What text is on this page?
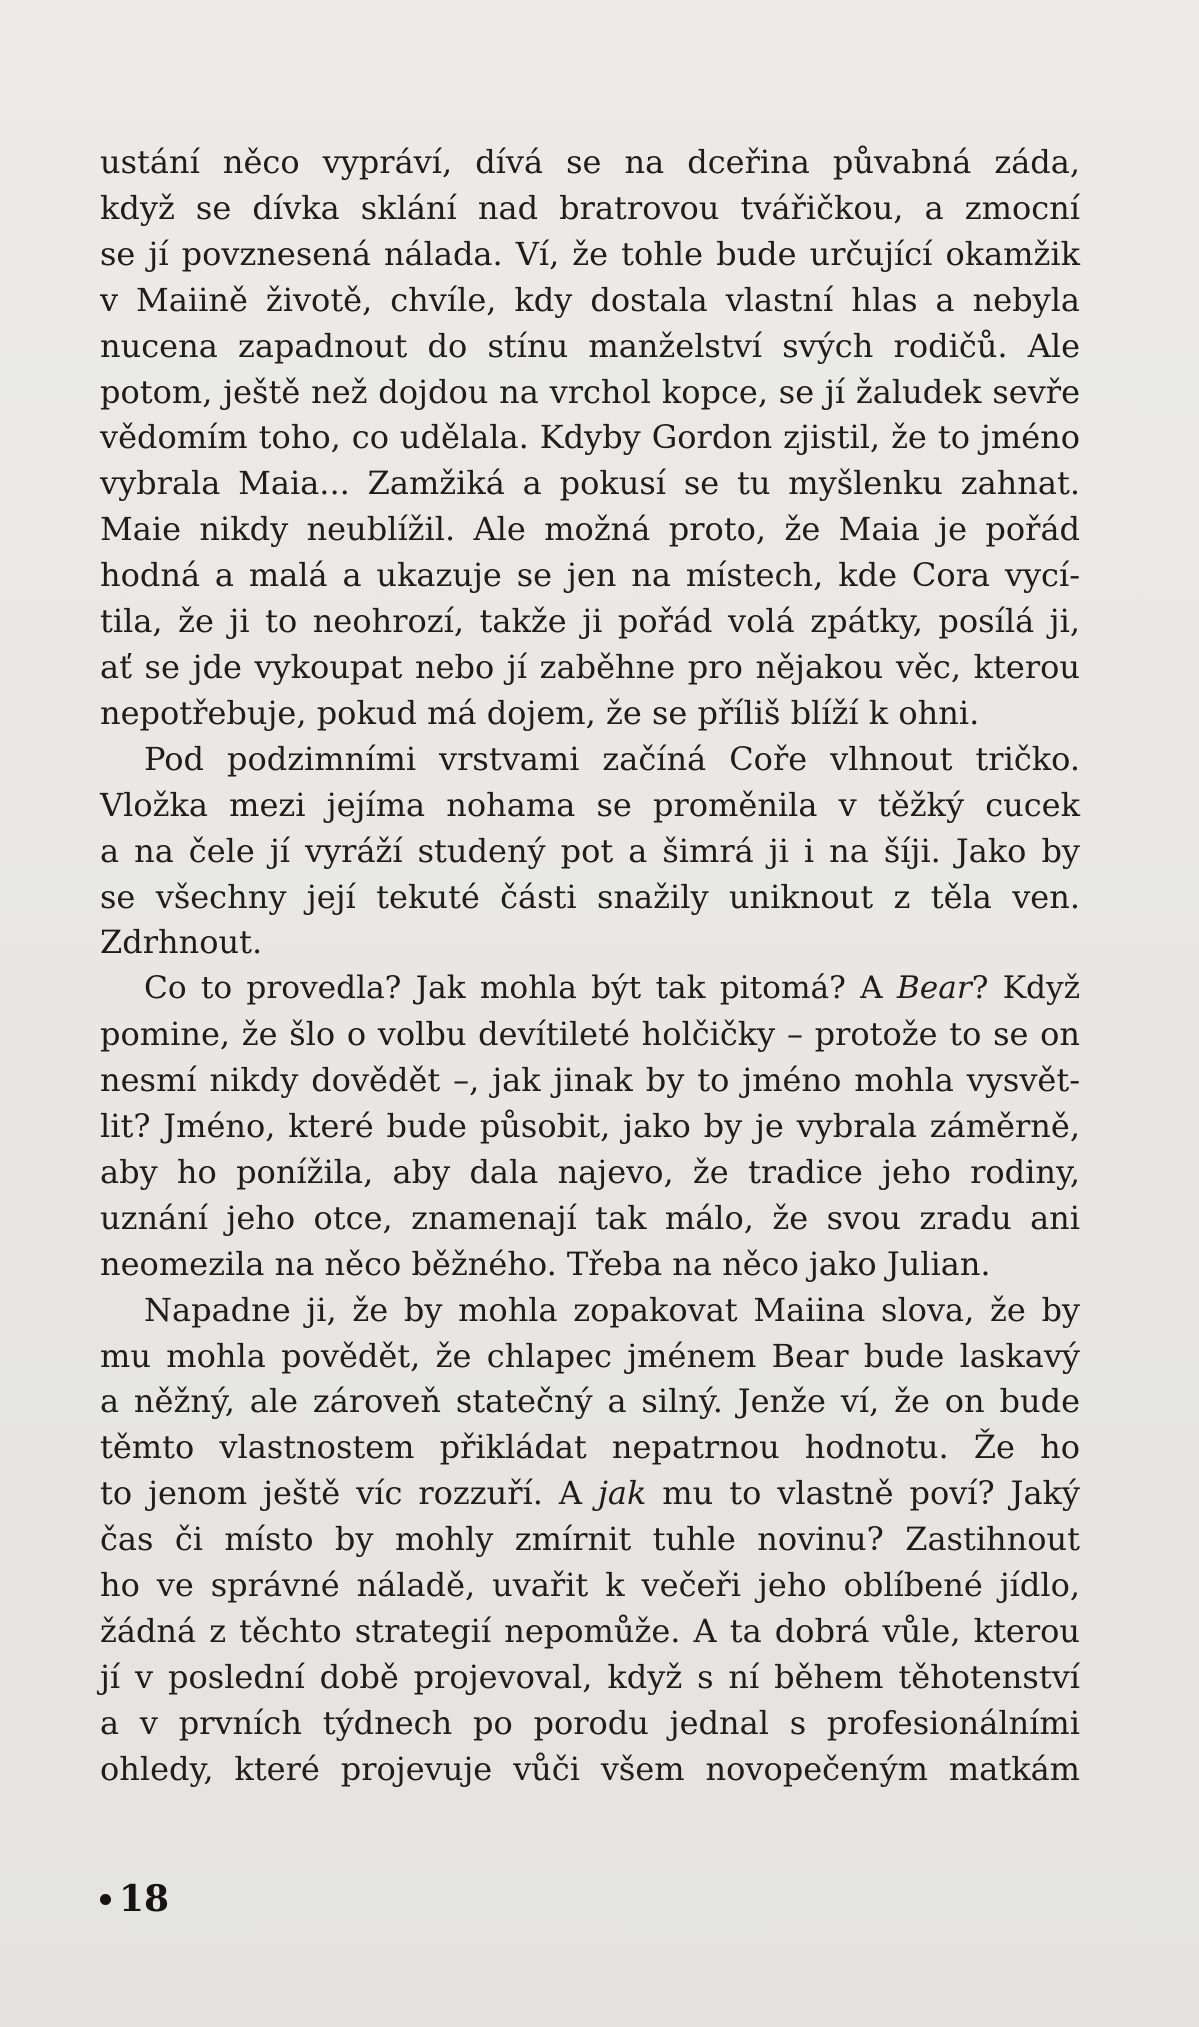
ustání něco vypráví, dívá se na dceřina půvabná záda,
když se dívka sklání nad bratrovou tvářičkou, a zmocní
se jí povznesená nálada. Ví, že tohle bude určující okamžik
v Maiině životě, chvíle, kdy dostala vlastní hlas a nebyla
nucena zapadnout do stínu manželství svých rodičů. Ale
potom, ještě než dojdou na vrchol kopce, se jí žaludek sevře
vědomím toho, co udělala. Kdyby Gordon zjistil, že to jméno
vybrala Maia... Zamžiká a pokusí se tu myšlenku zahnat.
Maie nikdy neublížil. Ale možná proto, že Maia je pořád
hodná a malá a ukazuje se jen na místech, kde Cora vycí-
tila, že ji to neohrozí, takže ji pořád volá zpátky, posílá ji,
ať se jde vykoupat nebo jí zaběhne pro nějakou věc, kterou
nepotřebuje, pokud má dojem, že se příliš blíží k ohni.
Pod podzimními vrstvami začíná Coře vlhnout tričko.
Vložka mezi jejíma nohama se proměnila v těžký cucek
a na čele jí vyráží studený pot a šimrá ji i na šíji. Jako by
se všechny její tekuté části snažily uniknout z těla ven.
Zdrhnout.
Co to provedla? Jak mohla být tak pitomá? A Bear? Když
pomine, že šlo o volbu devítileté holčičky – protože to se on
nesmí nikdy dovědět –, jak jinak by to jméno mohla vysvět-
lit? Jméno, které bude působit, jako by je vybrala záměrně,
aby ho ponížila, aby dala najevo, že tradice jeho rodiny,
uznání jeho otce, znamenají tak málo, že svou zradu ani
neomezila na něco běžného. Třeba na něco jako Julian.
Napadne ji, že by mohla zopakovat Maiina slova, že by
mu mohla povědět, že chlapec jménem Bear bude laskavý
a něžný, ale zároveň statečný a silný. Jenže ví, že on bude
těmto vlastnostem přikládat nepatrnou hodnotu. Že ho
to jenom ještě víc rozzuří. A jak mu to vlastně poví? Jaký
čas či místo by mohly zmírnit tuhle novinu? Zastihnout
ho ve správné náladě, uvařit k večeři jeho oblíbené jídlo,
žádná z těchto strategií nepomůže. A ta dobrá vůle, kterou
jí v poslední době projevoval, když s ní během těhotenství
a v prvních týdnech po porodu jednal s profesionálními
ohledy, které projevuje vůči všem novopečeným matkám
18
